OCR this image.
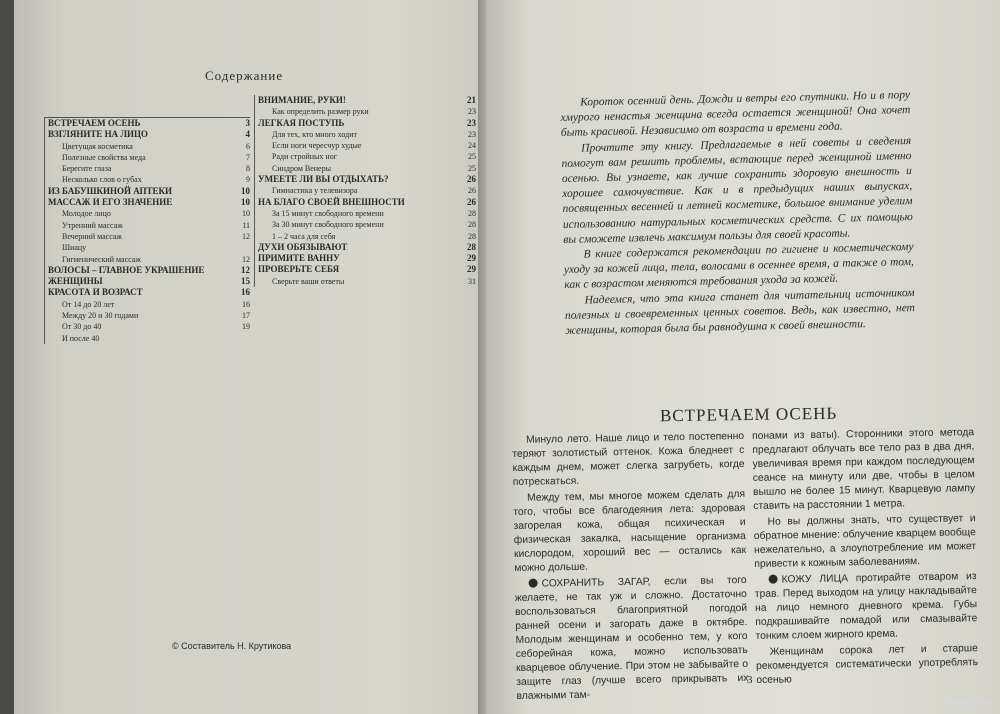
Содержание
ВСТРЕЧАЕМ ОСЕНЬ	3
ВЗГЛЯНИТЕ НА ЛИЦО	4
Цветущая косметика	6
Полезные свойства меда	7
Берегите глаза	8
Несколько слов о губах	9
ИЗ БАБУШКИНОЙ АПТЕКИ	10
МАССАЖ И ЕГО ЗНАЧЕНИЕ	10
Молодое лицо	10
Утренний массаж	11
Вечерний массаж	12
Шиацу
Гигиенический массаж	12
ВОЛОСЫ – ГЛАВНОЕ УКРАШЕНИЕ	12
ЖЕНЩИНЫ	15
КРАСОТА И ВОЗРАСТ	16
От 14 до 20 лет	16
Между 20 и 30 годами	17
От 30 до 40	19
И после 40
ВНИМАНИЕ, РУКИ!	21
Как определить размер руки	23
ЛЕГКАЯ ПОСТУПЬ	23
Для тех, кто много ходит	23
Если ноги чересчур худые	24
Ради стройных ног	25
Синдром Венеры	25
УМЕЕТЕ ЛИ ВЫ ОТДЫХАТЬ?	26
Гимнастика у телевизора	26
НА БЛАГО СВОЕЙ ВНЕШНОСТИ	26
За 15 минут свободного времени	28
За 30 минут свободного времени	28
1 – 2 часа для себя	28
ДУХИ ОБЯЗЫВАЮТ	28
ПРИМИТЕ ВАННУ	29
ПРОВЕРЬТЕ СЕБЯ	29
Сверьте ваши ответы	31
© Составитель Н. Крутикова

Короток осенний день. Дожди и ветры его спутники. Но и в пору хмурого ненастья женщина всегда остается женщиной! Она хочет быть красивой. Независимо от возраста и времени года.

Прочтите эту книгу. Предлагаемые в ней советы и сведения помогут вам решить проблемы, встающие перед женщиной именно осенью. Вы узнаете, как лучше сохранить здоровую внешность и хорошее самочувствие. Как и в предыдущих наших выпусках, посвященных весенней и летней косметике, большое внимание уделим использованию натуральных косметических средств. С их помощью вы сможете извлечь максимум пользы для своей красоты.

В книге содержатся рекомендации по гигиене и косметическому уходу за кожей лица, тела, волосами в осеннее время, а также о том, как с возрастом меняются требования ухода за кожей.

Надеемся, что эта книга станет для читательниц источником полезных и своевременных ценных советов. Ведь, как известно, нет женщины, которая была бы равнодушна к своей внешности.

ВСТРЕЧАЕМ ОСЕНЬ

Минуло лето. Наше лицо и тело постепенно теряют золотистый оттенок. Кожа бледнеет с каждым днем, может слегка загрубеть, когде потрескаться.

Между тем, мы многое можем сделать для того, чтобы все благодеяния лета: здоровая загорелая кожа, общая психическая и физическая закалка, насыщение организма кислородом, хороший вес — остались как можно дольше.

СОХРАНИТЬ ЗАГАР, если вы того желаете, не так уж и сложно. Достаточно воспользоваться благоприятной погодой ранней осени и загорать даже в октябре. Молодым женщинам и особенно тем, у кого себорейная кожа, можно использовать кварцевое облучение. При этом не забывайте о защите глаз (лучше всего прикрывать их влажными там-

понами из ваты). Сторонники этого метода предлагают облучать все тело раз в два дня, увеличивая время при каждом последующем сеансе на минуту или две, чтобы в целом вышло не более 15 минут. Кварцевую лампу ставить на расстоянии 1 метра.

Но вы должны знать, что существует и обратное мнение: облучение кварцем вообще нежелательно, а злоупотребление им может привести к кожным заболеваниям.

КОЖУ ЛИЦА протирайте отваром из трав. Перед выходом на улицу накладывайте на лицо немного дневного крема. Губы подкрашивайте помадой или смазывайте тонким слоем жирного крема.

Женщинам сорока лет и старше рекомендуется систематически употреблять осенью

3
www.ay.by
